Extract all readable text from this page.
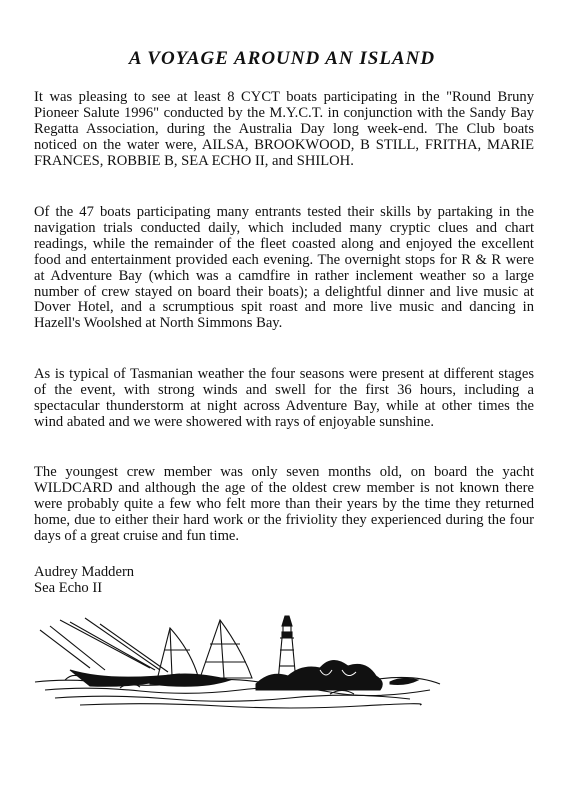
A VOYAGE AROUND AN ISLAND

It was pleasing to see at least 8 CYCT boats participating in the "Round Bruny Pioneer Salute 1996" conducted by the M.Y.C.T. in conjunction with the Sandy Bay Regatta Association, during the Australia Day long week-end. The Club boats noticed on the water were, AILSA, BROOKWOOD, B STILL, FRITHA, MARIE FRANCES, ROBBIE B, SEA ECHO II, and SHILOH.

Of the 47 boats participating many entrants tested their skills by partaking in the navigation trials conducted daily, which included many cryptic clues and chart readings, while the remainder of the fleet coasted along and enjoyed the excellent food and entertainment provided each evening. The overnight stops for R & R were at Adventure Bay (which was a camdfire in rather inclement weather so a large number of crew stayed on board their boats); a delightful dinner and live music at Dover Hotel, and a scrumptious spit roast and more live music and dancing in Hazell's Woolshed at North Simmons Bay.

As is typical of Tasmanian weather the four seasons were present at different stages of the event, with strong winds and swell for the first 36 hours, including a spectacular thunderstorm at night across Adventure Bay, while at other times the wind abated and we were showered with rays of enjoyable sunshine.

The youngest crew member was only seven months old, on board the yacht WILDCARD and although the age of the oldest crew member is not known there were probably quite a few who felt more than their years by the time they returned home, due to either their hard work or the friviolity they experienced during the four days of a great cruise and fun time.

Audrey Maddern
Sea Echo II
